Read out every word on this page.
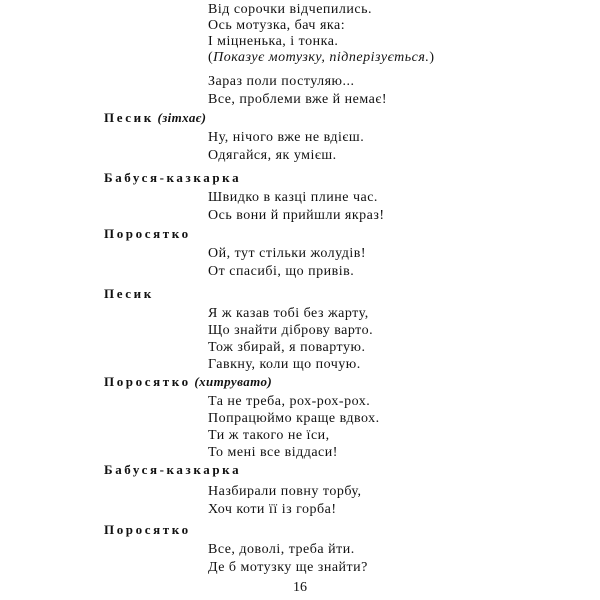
Від сорочки відчепились.
Ось мотузка, бач яка:
І міцненька, і тонка.
(Показує мотузку, підперізується.)
Зараз поли постуляю...
Все, проблеми вже й немає!
Песик (зітхає)
Ну, нічого вже не вдієш.
Одягайся, як умієш.
Бабуся-казкарка
Швидко в казці плине час.
Ось вони й прийшли якраз!
Поросятко
Ой, тут стільки жолудів!
От спасибі, що привів.
Песик
Я ж казав тобі без жарту,
Що знайти діброву варто.
Тож збирай, я повартую.
Гавкну, коли що почую.
Поросятко (хитрувато)
Та не треба, рох-рох-рох.
Попрацюймо краще вдвох.
Ти ж такого не їси,
То мені все віддаси!
Бабуся-казкарка
Назбирали повну торбу,
Хоч коти її із горба!
Поросятко
16
Все, доволі, треба йти.
Де б мотузку ще знайти?
